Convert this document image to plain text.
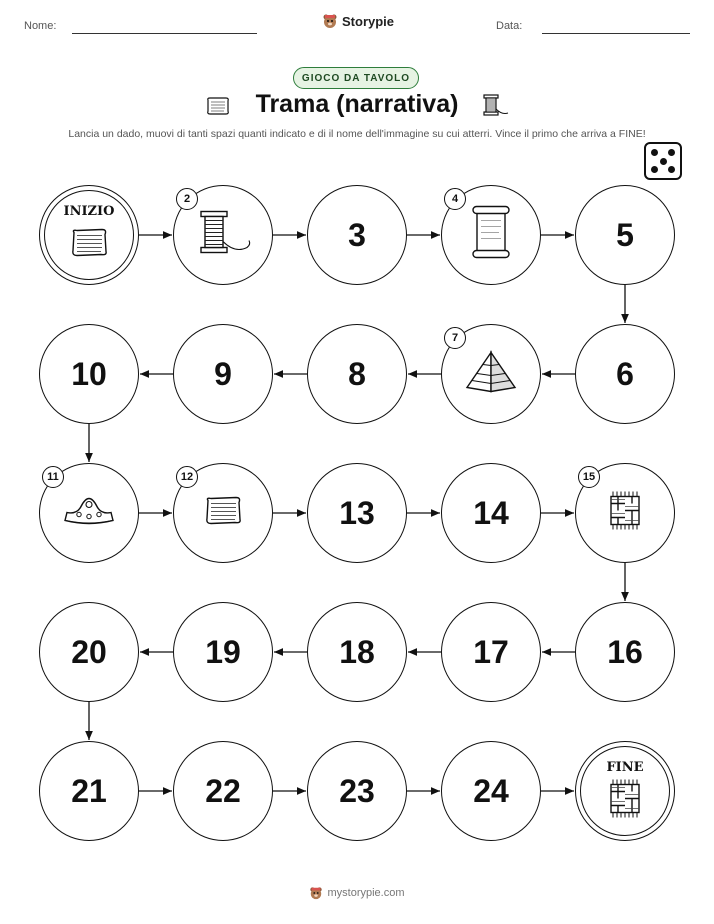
Nome:	Storypie	Data:
GIOCO DA TAVOLO
Trama (narrativa)
Lancia un dado, muovi di tanti spazi quanti indicato e di il nome dell'immagine su cui atterri. Vince il primo che arriva a FINE!
INIZIO
2
3
4
5
6
7
8
9
10
11	12
13	14
15
16
17
18
19
20
21	22	23	24
FINE
mystorypie.com
